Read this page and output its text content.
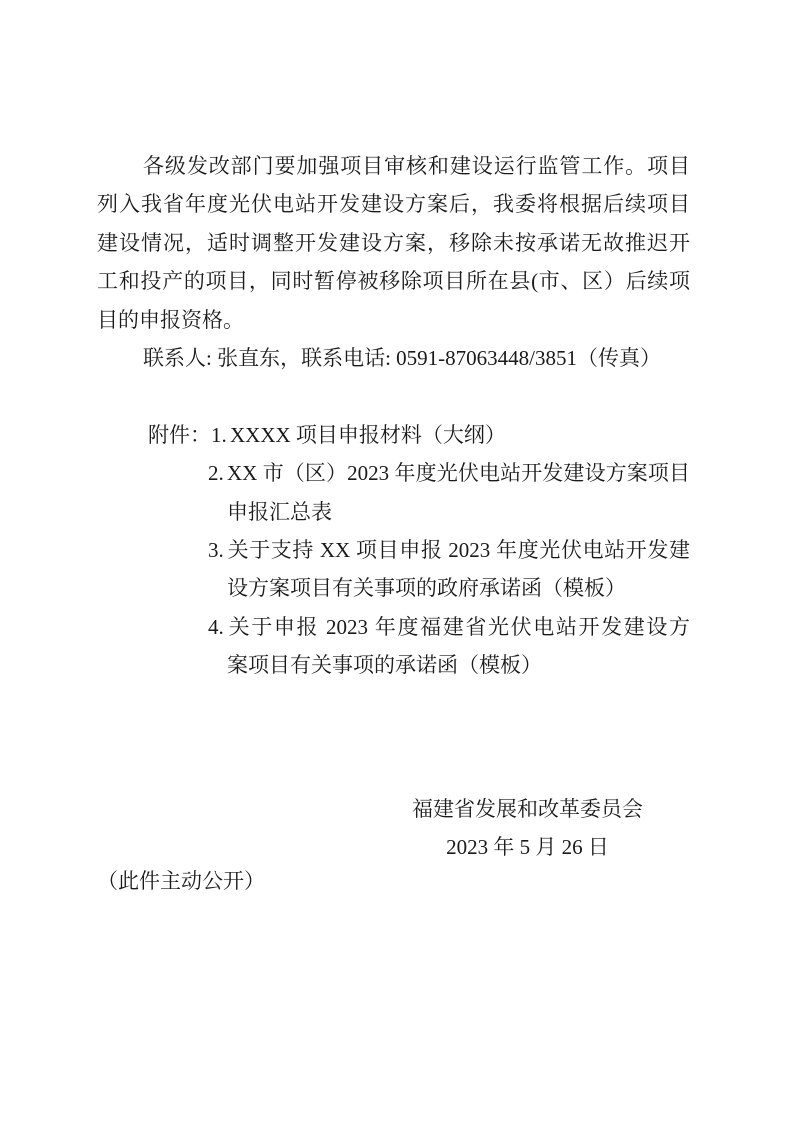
各级发改部门要加强项目审核和建设运行监管工作。项目
列入我省年度光伏电站开发建设方案后，我委将根据后续项目
建设情况，适时调整开发建设方案，移除未按承诺无故推迟开
工和投产的项目，同时暂停被移除项目所在县(市、区）后续项
目的申报资格。
联系人: 张直东，联系电话: 0591-87063448/3851（传真）
附件：1. XXXX 项目申报材料（大纲）
2. XX 市（区）2023 年度光伏电站开发建设方案项目
申报汇总表
3. 关于支持 XX 项目申报 2023 年度光伏电站开发建
设方案项目有关事项的政府承诺函（模板）
4. 关于申报 2023 年度福建省光伏电站开发建设方
案项目有关事项的承诺函（模板）
福建省发展和改革委员会
2023 年 5 月 26 日
（此件主动公开）
